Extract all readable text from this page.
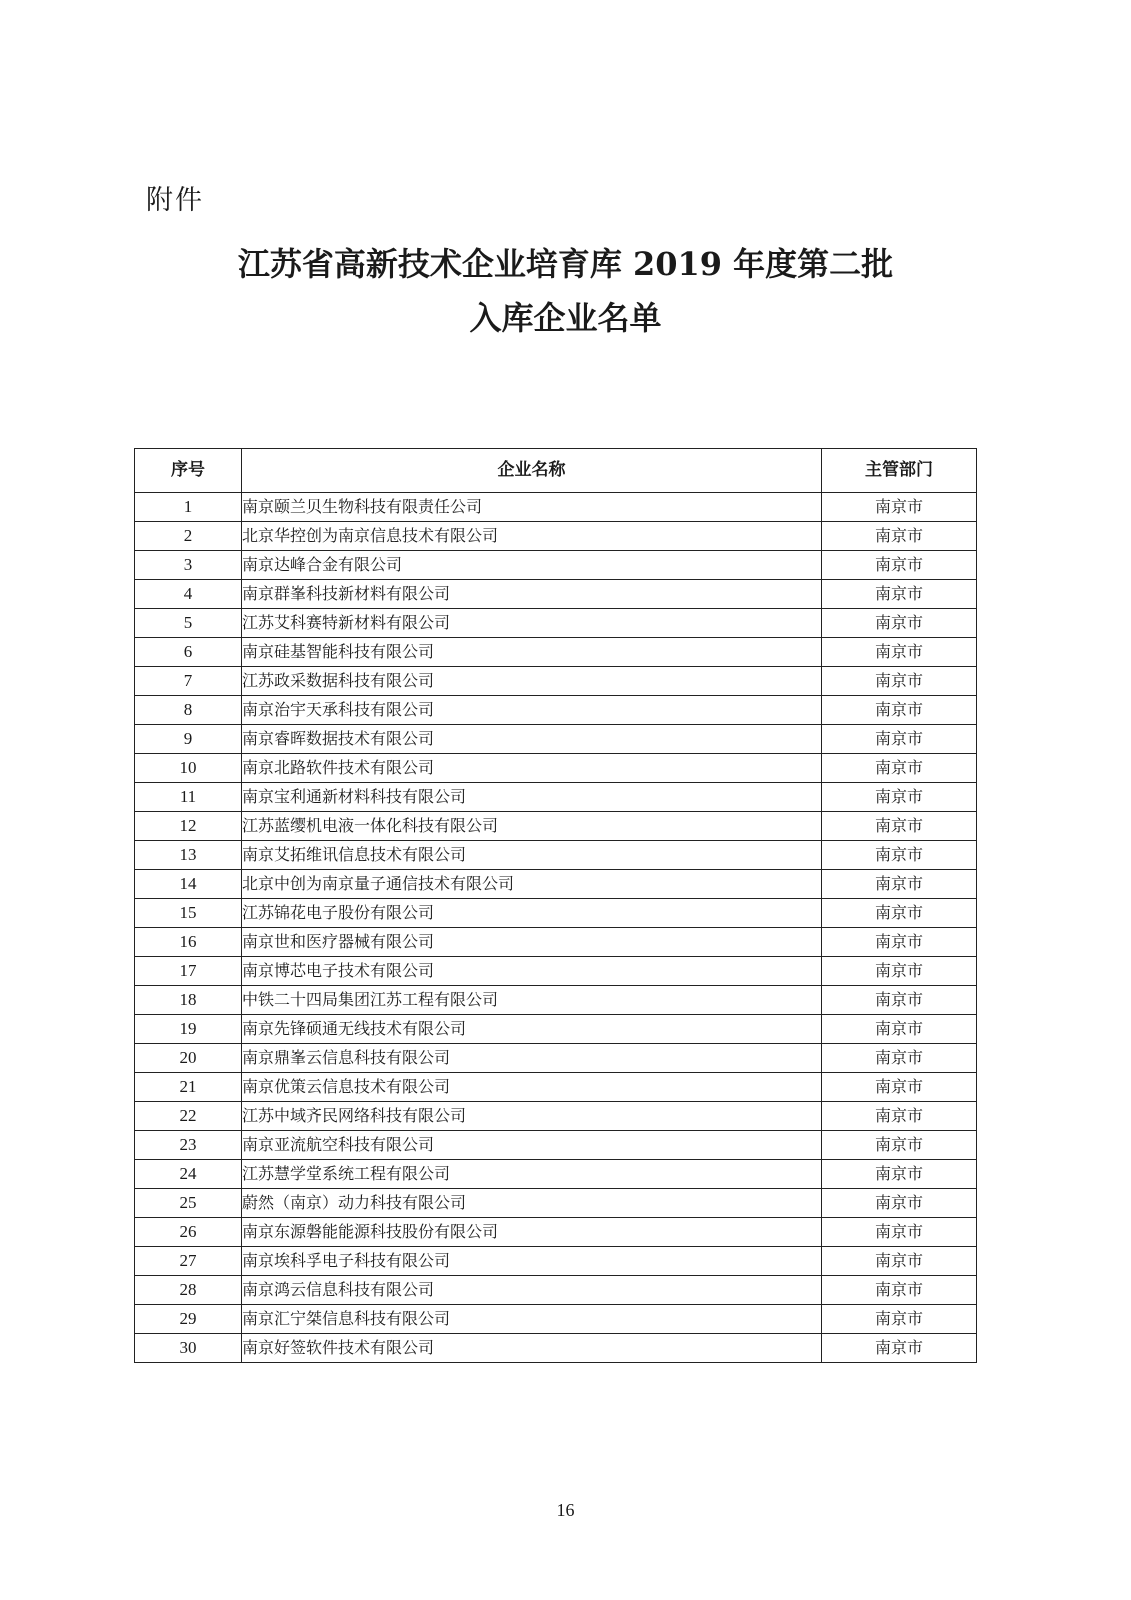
附件
江苏省高新技术企业培育库 2019 年度第二批
入库企业名单
序号	企业名称	主管部门
1	南京颐兰贝生物科技有限责任公司	南京市
2	北京华控创为南京信息技术有限公司	南京市
3	南京达峰合金有限公司	南京市
4	南京群峯科技新材料有限公司	南京市
5	江苏艾科赛特新材料有限公司	南京市
6	南京硅基智能科技有限公司	南京市
7	江苏政采数据科技有限公司	南京市
8	南京治宇天承科技有限公司	南京市
9	南京睿晖数据技术有限公司	南京市
10	南京北路软件技术有限公司	南京市
11	南京宝利通新材料科技有限公司	南京市
12	江苏蓝缨机电液一体化科技有限公司	南京市
13	南京艾拓维讯信息技术有限公司	南京市
14	北京中创为南京量子通信技术有限公司	南京市
15	江苏锦花电子股份有限公司	南京市
16	南京世和医疗器械有限公司	南京市
17	南京博芯电子技术有限公司	南京市
18	中铁二十四局集团江苏工程有限公司	南京市
19	南京先锋硕通无线技术有限公司	南京市
20	南京鼎峯云信息科技有限公司	南京市
21	南京优策云信息技术有限公司	南京市
22	江苏中域齐民网络科技有限公司	南京市
23	南京亚流航空科技有限公司	南京市
24	江苏慧学堂系统工程有限公司	南京市
25	蔚然（南京）动力科技有限公司	南京市
26	南京东源磐能能源科技股份有限公司	南京市
27	南京埃科孚电子科技有限公司	南京市
28	南京鸿云信息科技有限公司	南京市
29	南京汇宁桀信息科技有限公司	南京市
30	南京好签软件技术有限公司	南京市
16
